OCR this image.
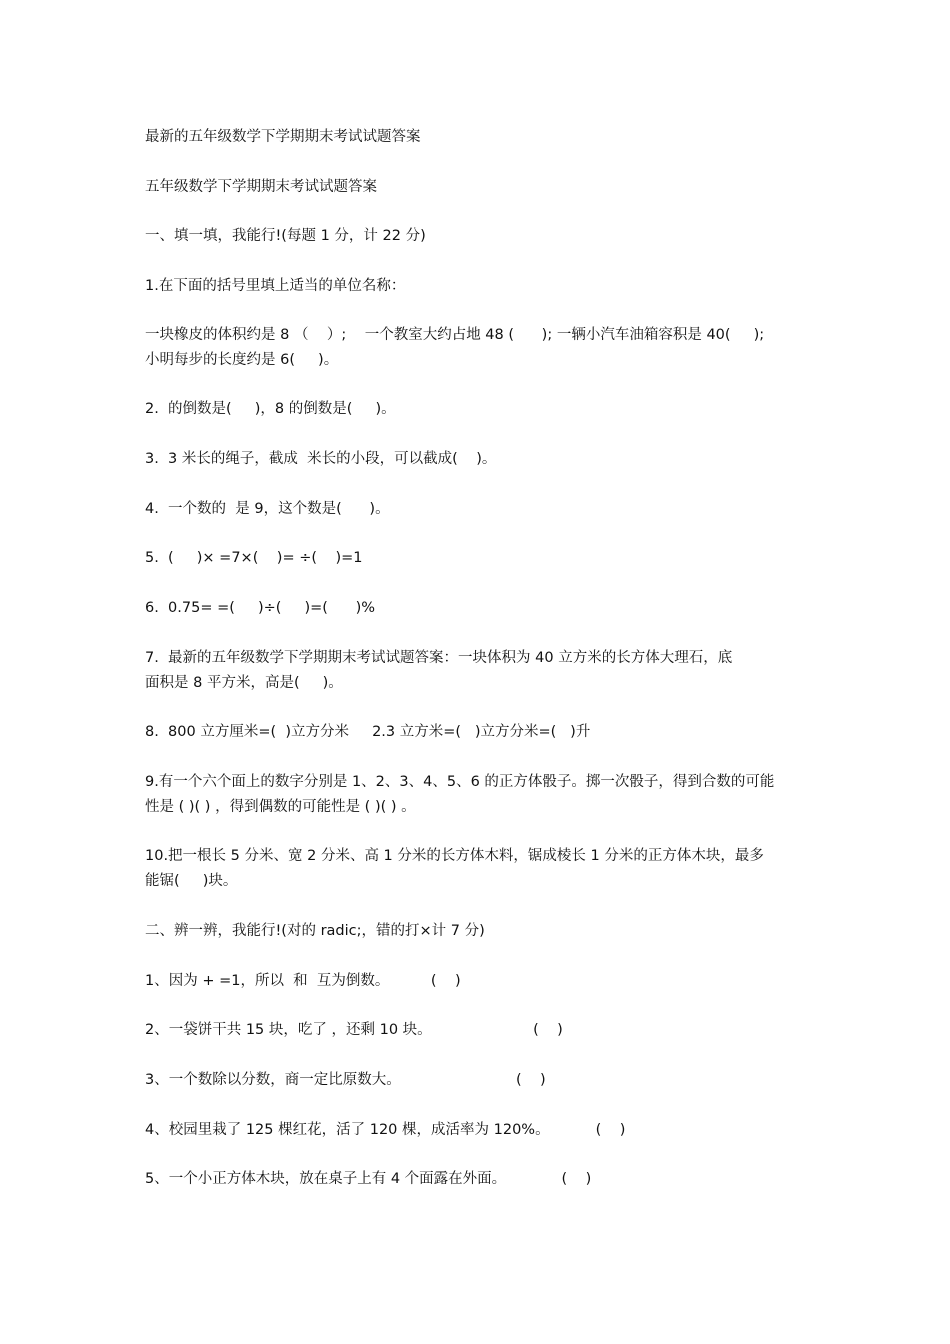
最新的五年级数学下学期期末考试试题答案

五年级数学下学期期末考试试题答案

一、填一填，我能行!(每题 1 分，计 22 分)

1.在下面的括号里填上适当的单位名称：

一块橡皮的体积约是 8 （    ）;    一个教室大约占地 48 (      ); 一辆小汽车油箱容积是 40(     );

小明每步的长度约是 6(     )。

2.  的倒数是(     )，8 的倒数是(     )。

3.  3 米长的绳子，截成  米长的小段，可以截成(    )。

4.  一个数的  是 9，这个数是(      )。

5.  (     )× =7×(    )= ÷(    )=1

6.  0.75= =(     )÷(     )=(      )%

7.  最新的五年级数学下学期期末考试试题答案：一块体积为 40 立方米的长方体大理石，底

面积是 8 平方米，高是(     )。

8.  800 立方厘米=(  )立方分米     2.3 立方米=(   )立方分米=(   )升

9.有一个六个面上的数字分别是 1、2、3、4、5、6 的正方体骰子。掷一次骰子，得到合数的可能

性是 ( )( ) ，得到偶数的可能性是 ( )( ) 。

10.把一根长 5 分米、宽 2 分米、高 1 分米的长方体木料，锯成棱长 1 分米的正方体木块，最多

能锯(     )块。

二、辨一辨，我能行!(对的 radic;，错的打×计 7 分)

1、因为 + =1，所以  和  互为倒数。         (    )

2、一袋饼干共 15 块，吃了 ，还剩 10 块。                      (    )

3、一个数除以分数，商一定比原数大。                         (    )

4、校园里栽了 125 棵红花，活了 120 棵，成活率为 120%。          (    )

5、一个小正方体木块，放在桌子上有 4 个面露在外面。            (    )
